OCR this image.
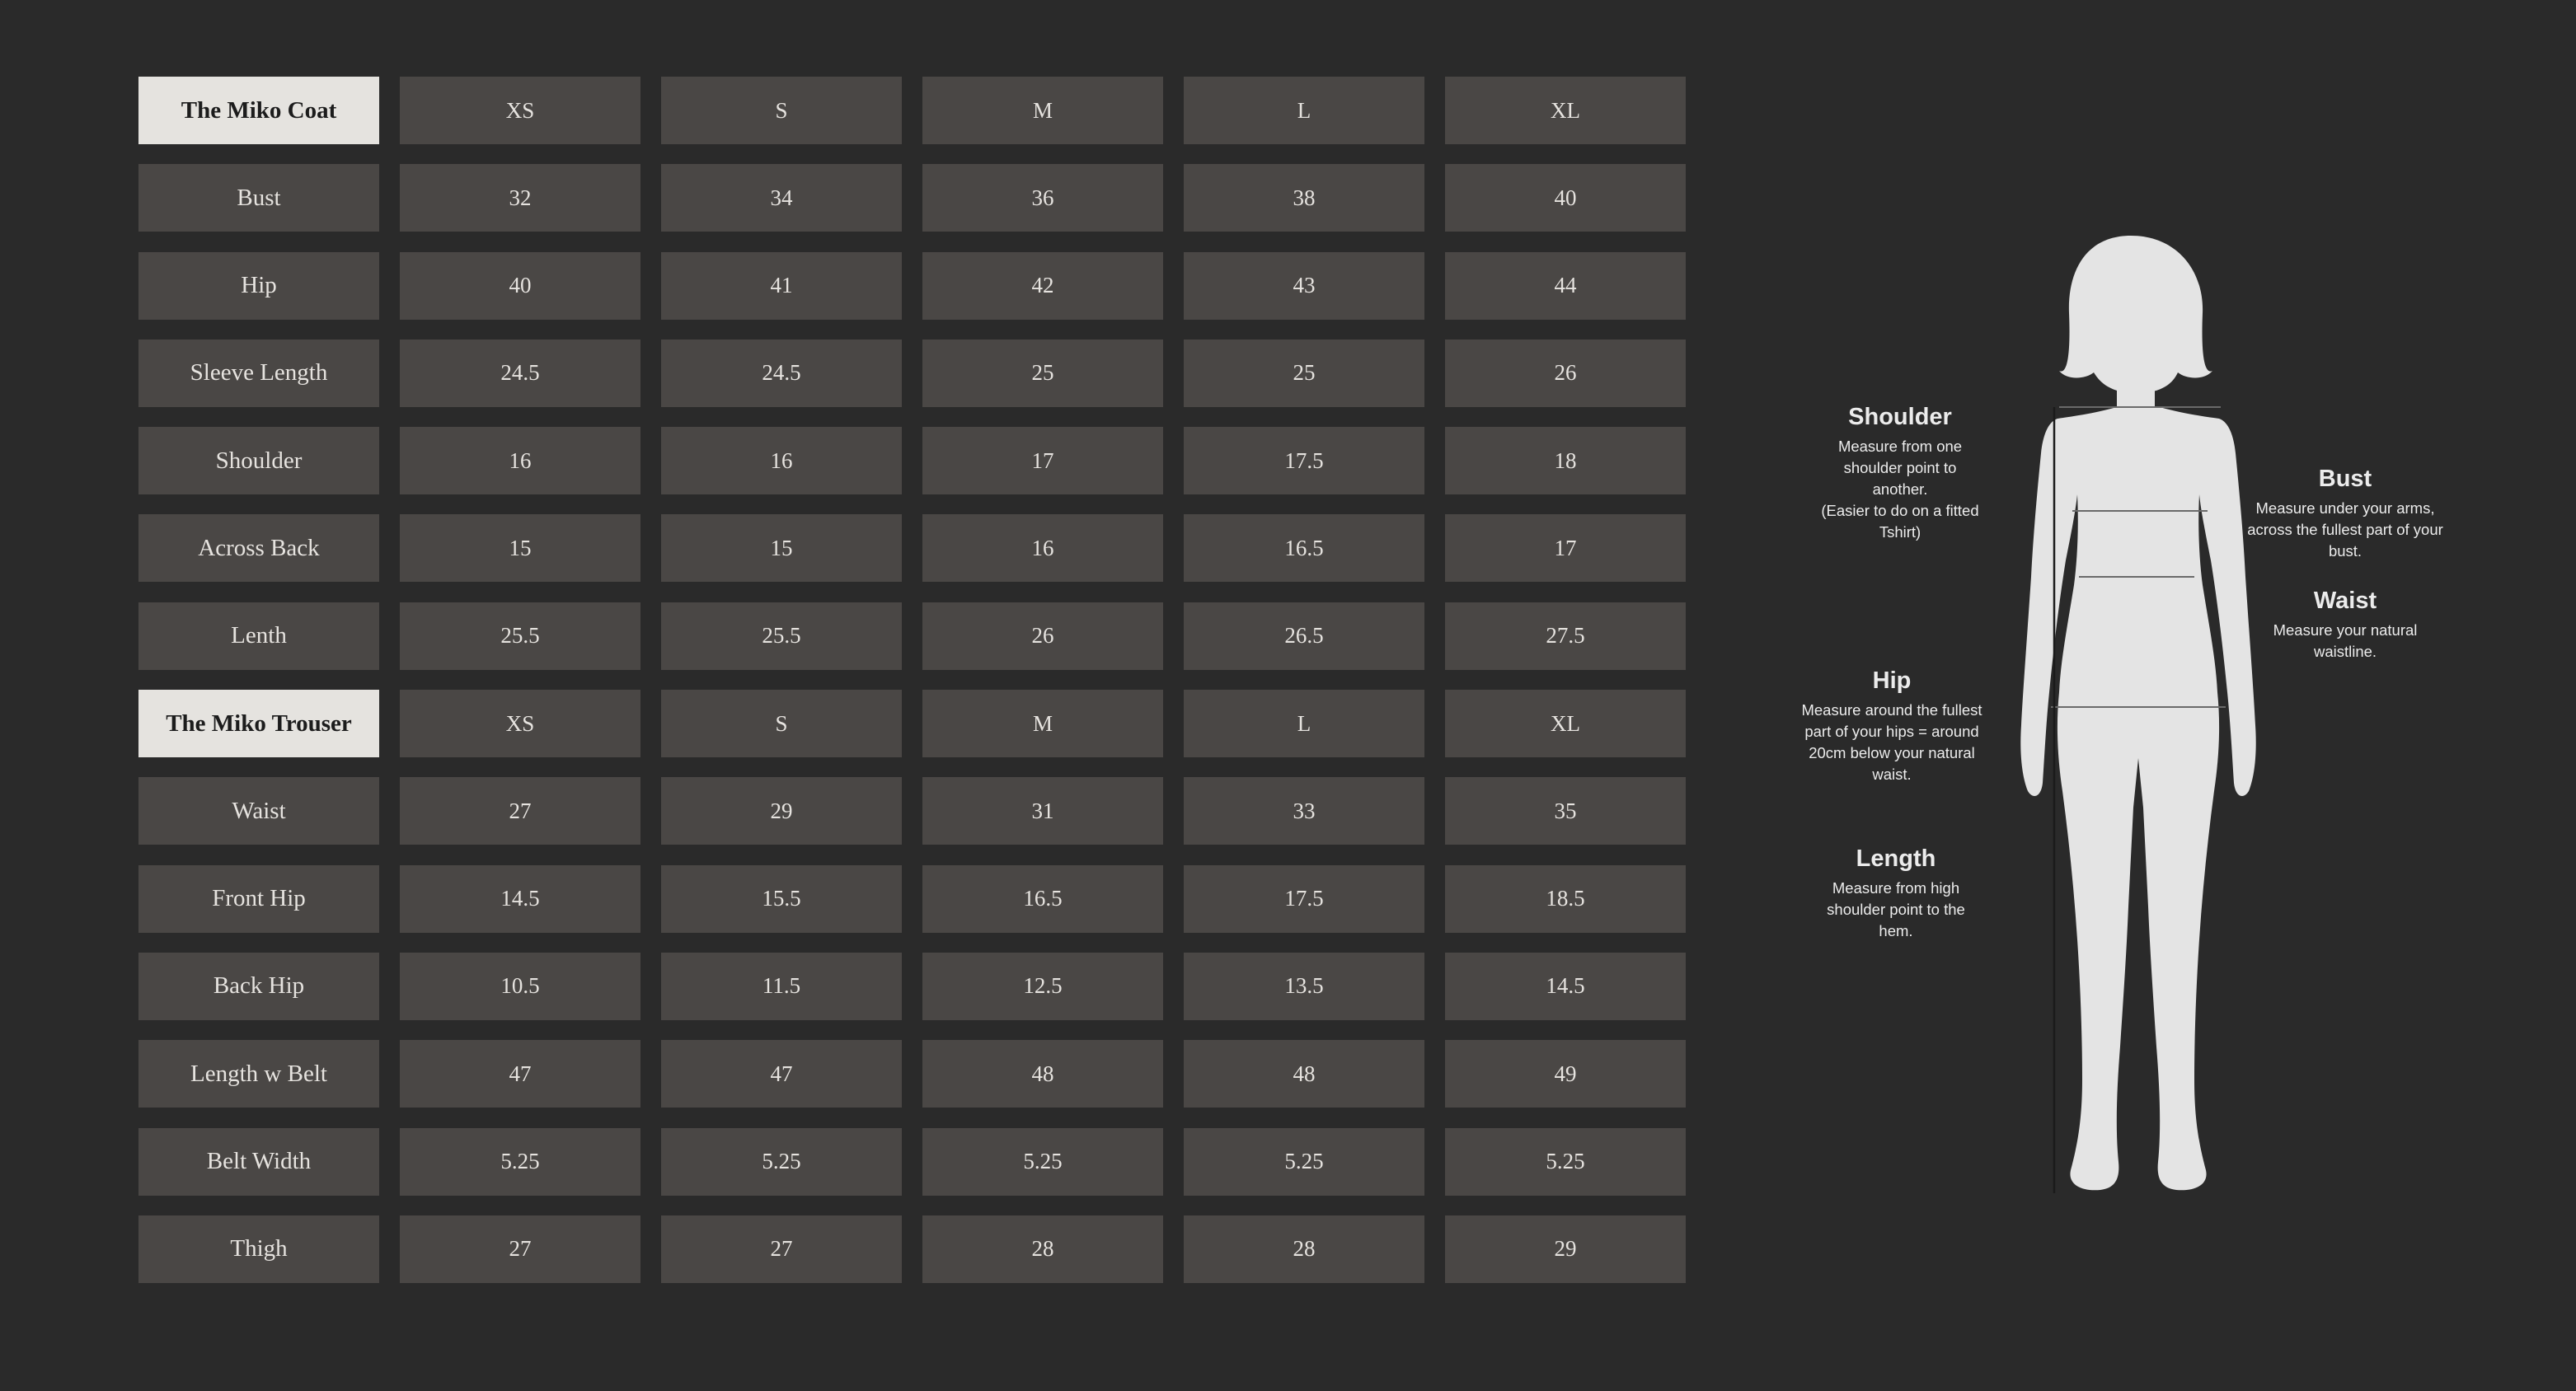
The Miko Coat	XS	S	M	L	XL
Bust	32	34	36	38	40
Hip	40	41	42	43	44
Sleeve Length	24.5	24.5	25	25	26
Shoulder	16	16	17	17.5	18
Across Back	15	15	16	16.5	17
Lenth	25.5	25.5	26	26.5	27.5
The Miko Trouser	XS	S	M	L	XL
Waist	27	29	31	33	35
Front Hip	14.5	15.5	16.5	17.5	18.5
Back Hip	10.5	11.5	12.5	13.5	14.5
Length w Belt	47	47	48	48	49
Belt Width	5.25	5.25	5.25	5.25	5.25
Thigh	27	27	28	28	29
Shoulder
Measure from one
shoulder point to
another.
(Easier to do on a fitted
Tshirt)
Bust
Measure under your arms,
across the fullest part of your
bust.
Waist
Measure your natural
waistline.
Hip
Measure around the fullest
part of your hips = around
20cm below your natural
waist.
Length
Measure from high
shoulder point to the
hem.
